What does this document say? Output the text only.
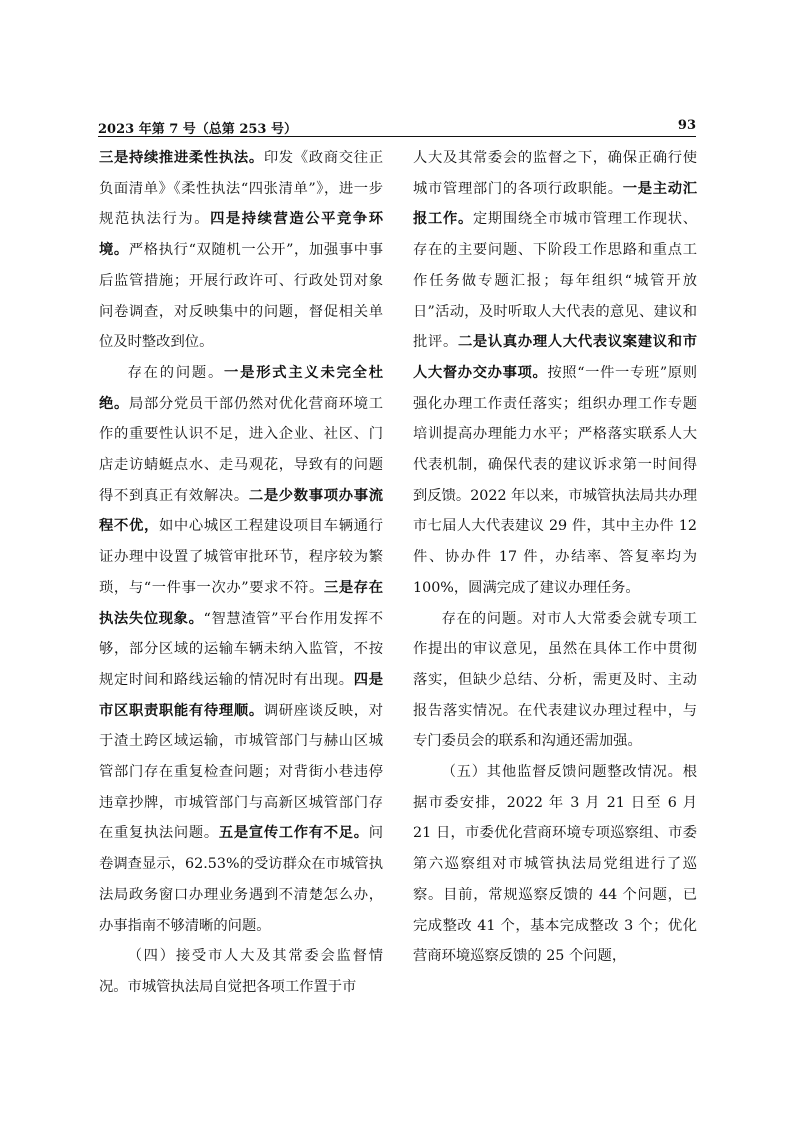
2023 年第 7 号（总第 253 号）	93

三是持续推进柔性执法。印发《政商交往正负面清单》《柔性执法“四张清单”》，进一步规范执法行为。四是持续营造公平竞争环境。严格执行“双随机一公开”，加强事中事后监管措施；开展行政许可、行政处罚对象问卷调查，对反映集中的问题，督促相关单位及时整改到位。

存在的问题。一是形式主义未完全杜绝。局部分党员干部仍然对优化营商环境工作的重要性认识不足，进入企业、社区、门店走访蜻蜓点水、走马观花，导致有的问题得不到真正有效解决。二是少数事项办事流程不优，如中心城区工程建设项目车辆通行证办理中设置了城管审批环节，程序较为繁琐，与“一件事一次办”要求不符。三是存在执法失位现象。“智慧渣管”平台作用发挥不够，部分区域的运输车辆未纳入监管，不按规定时间和路线运输的情况时有出现。四是市区职责职能有待理顺。调研座谈反映，对于渣土跨区域运输，市城管部门与赫山区城管部门存在重复检查问题；对背街小巷违停违章抄牌，市城管部门与高新区城管部门存在重复执法问题。五是宣传工作有不足。问卷调查显示，62.53%的受访群众在市城管执法局政务窗口办理业务遇到不清楚怎么办，办事指南不够清晰的问题。

（四）接受市人大及其常委会监督情况。市城管执法局自觉把各项工作置于市

人大及其常委会的监督之下，确保正确行使城市管理部门的各项行政职能。一是主动汇报工作。定期围绕全市城市管理工作现状、存在的主要问题、下阶段工作思路和重点工作任务做专题汇报；每年组织“城管开放日”活动，及时听取人大代表的意见、建议和批评。二是认真办理人大代表议案建议和市人大督办交办事项。按照“一件一专班”原则强化办理工作责任落实；组织办理工作专题培训提高办理能力水平；严格落实联系人大代表机制，确保代表的建议诉求第一时间得到反馈。2022 年以来，市城管执法局共办理市七届人大代表建议 29 件，其中主办件 12 件、协办件 17 件，办结率、答复率均为 100%，圆满完成了建议办理任务。

存在的问题。对市人大常委会就专项工作提出的审议意见，虽然在具体工作中贯彻落实，但缺少总结、分析，需更及时、主动报告落实情况。在代表建议办理过程中，与专门委员会的联系和沟通还需加强。

（五）其他监督反馈问题整改情况。根据市委安排，2022 年 3 月 21 日至 6 月 21 日，市委优化营商环境专项巡察组、市委第六巡察组对市城管执法局党组进行了巡察。目前，常规巡察反馈的 44 个问题，已完成整改 41 个，基本完成整改 3 个；优化营商环境巡察反馈的 25 个问题，
